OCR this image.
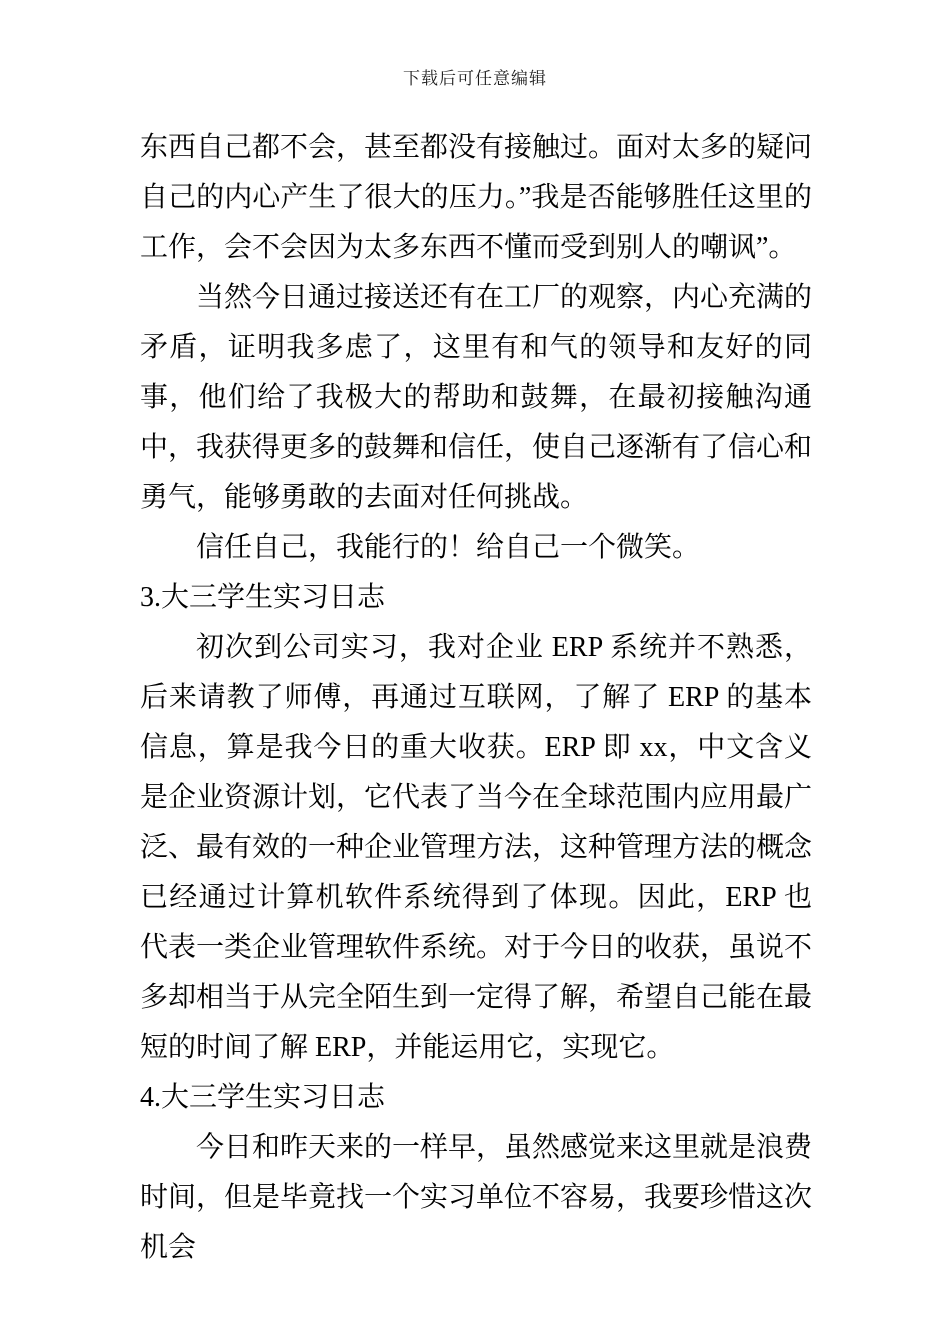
下载后可任意编辑

东西自己都不会，甚至都没有接触过。面对太多的疑问自己的内心产生了很大的压力。”我是否能够胜任这里的工作，会不会因为太多东西不懂而受到别人的嘲讽”。

当然今日通过接送还有在工厂的观察，内心充满的矛盾，证明我多虑了，这里有和气的领导和友好的同事，他们给了我极大的帮助和鼓舞，在最初接触沟通中，我获得更多的鼓舞和信任，使自己逐渐有了信心和勇气，能够勇敢的去面对任何挑战。

信任自己，我能行的！给自己一个微笑。

3.大三学生实习日志

初次到公司实习，我对企业 ERP 系统并不熟悉，后来请教了师傅，再通过互联网，了解了 ERP 的基本信息，算是我今日的重大收获。ERP 即 xx，中文含义是企业资源计划，它代表了当今在全球范围内应用最广泛、最有效的一种企业管理方法，这种管理方法的概念已经通过计算机软件系统得到了体现。因此，ERP 也代表一类企业管理软件系统。对于今日的收获，虽说不多却相当于从完全陌生到一定得了解，希望自己能在最短的时间了解 ERP，并能运用它，实现它。

4.大三学生实习日志

今日和昨天来的一样早，虽然感觉来这里就是浪费时间，但是毕竟找一个实习单位不容易，我要珍惜这次机会
